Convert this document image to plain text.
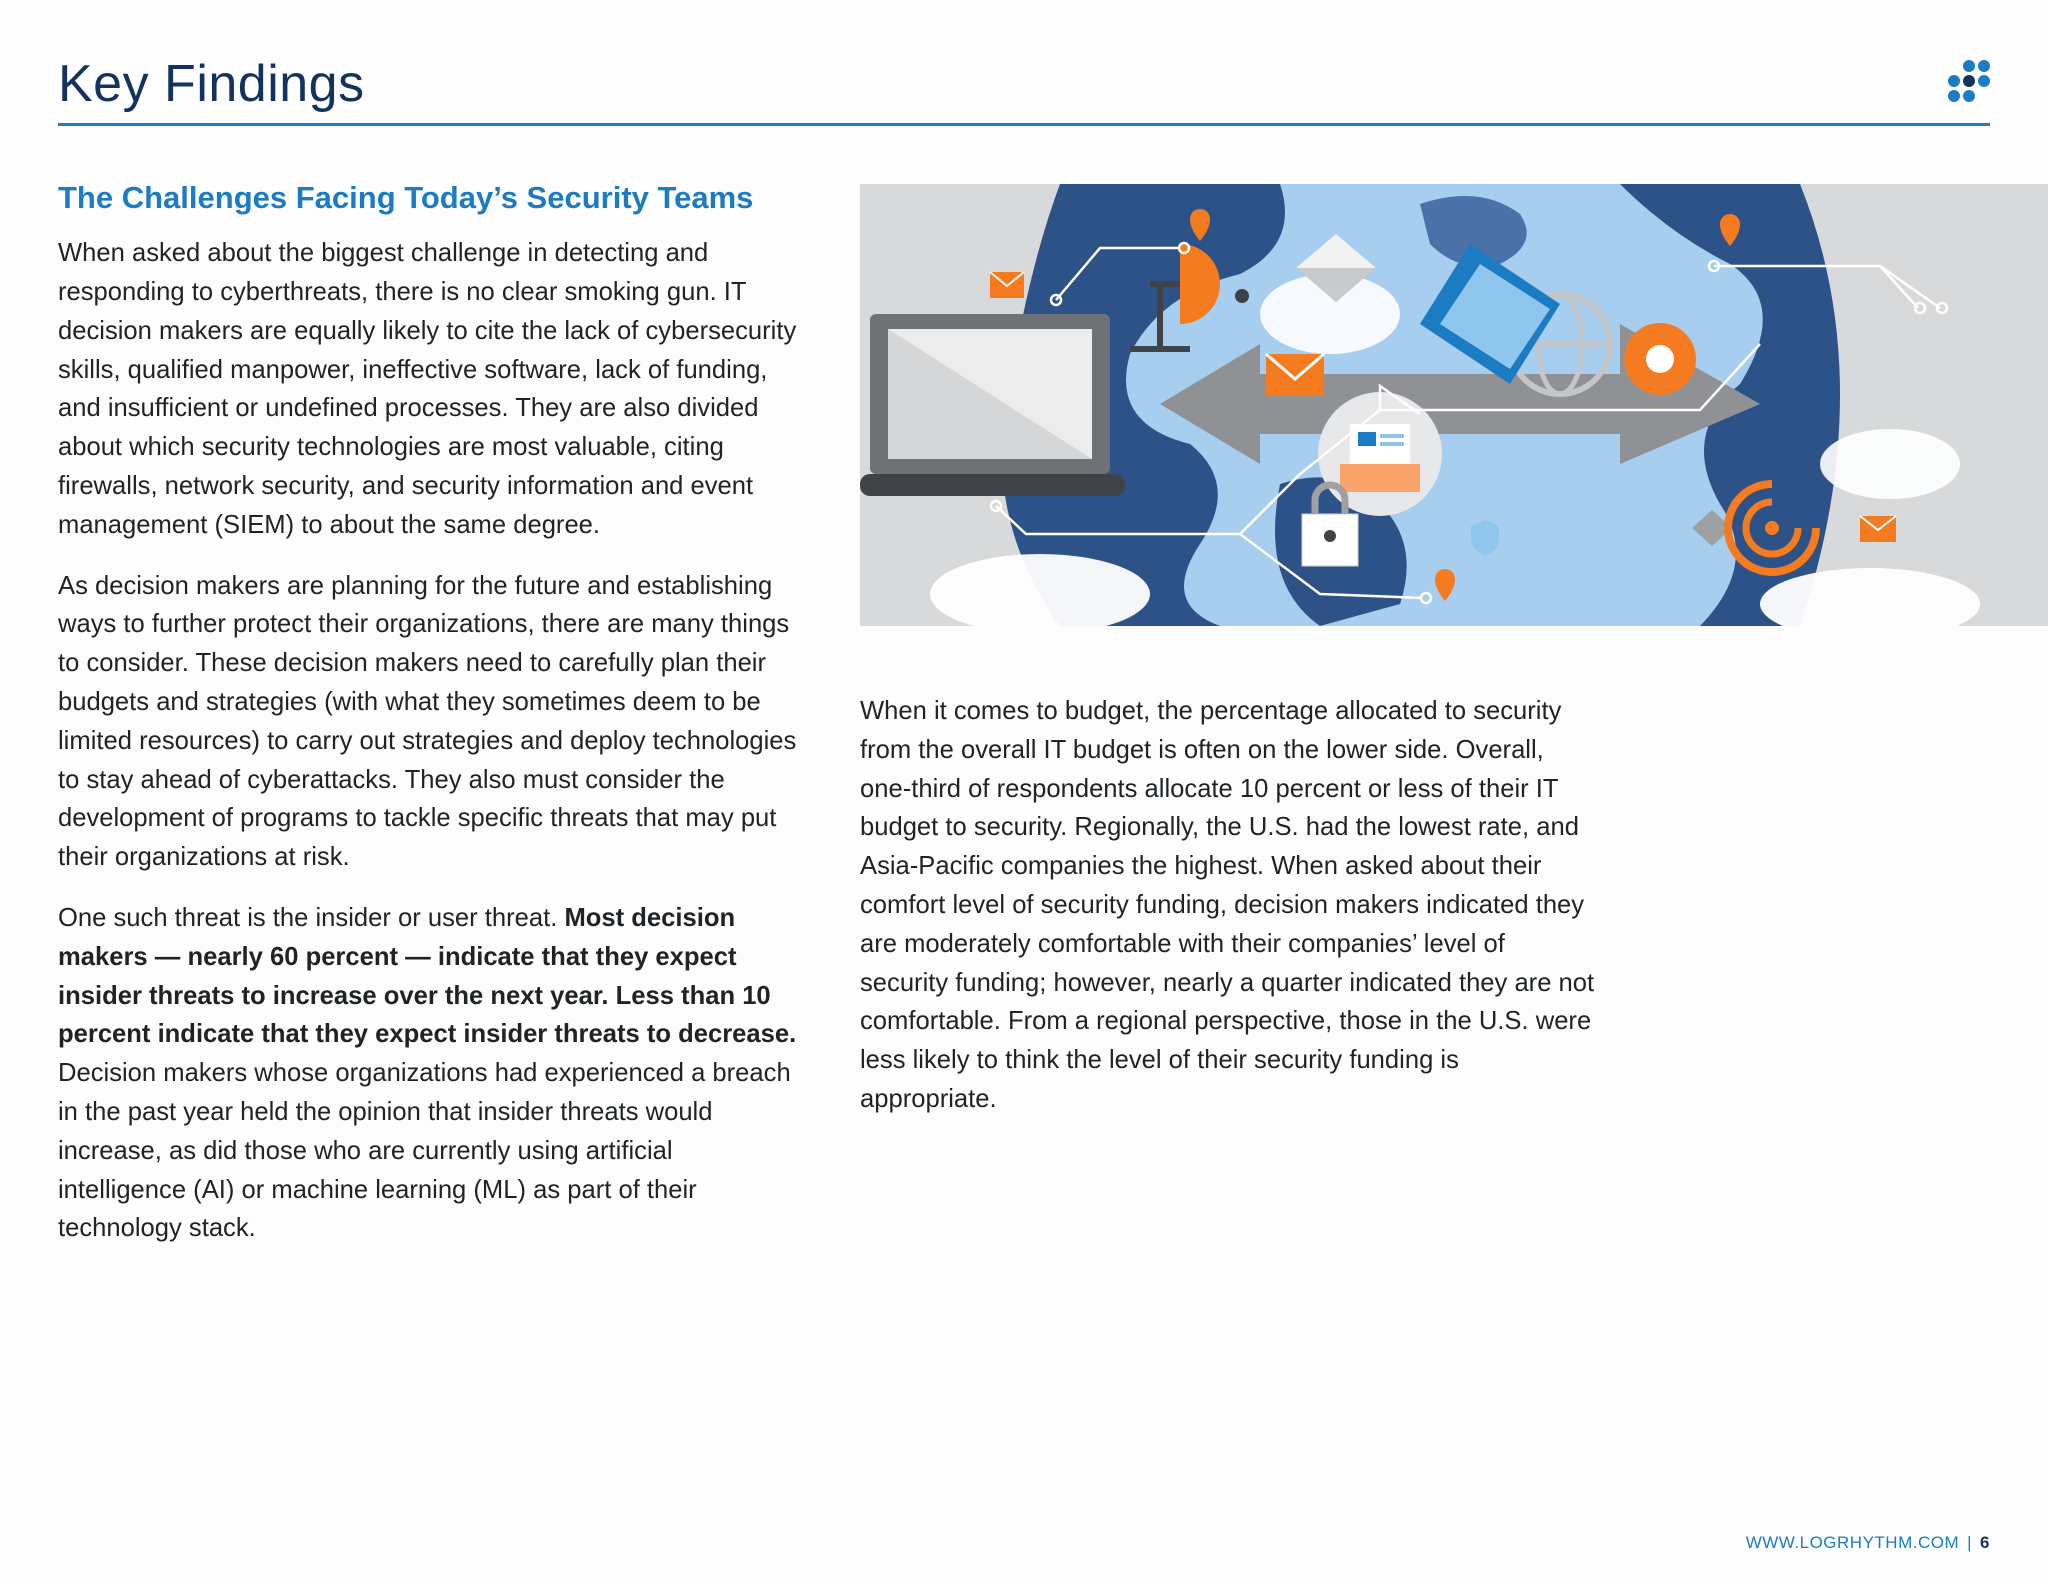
Key Findings
The Challenges Facing Today’s Security Teams

When asked about the biggest challenge in detecting and responding to cyberthreats, there is no clear smoking gun. IT decision makers are equally likely to cite the lack of cybersecurity skills, qualified manpower, ineffective software, lack of funding, and insufficient or undefined processes. They are also divided about which security technologies are most valuable, citing firewalls, network security, and security information and event management (SIEM) to about the same degree.

As decision makers are planning for the future and establishing ways to further protect their organizations, there are many things to consider. These decision makers need to carefully plan their budgets and strategies (with what they sometimes deem to be limited resources) to carry out strategies and deploy technologies to stay ahead of cyberattacks. They also must consider the development of programs to tackle specific threats that may put their organizations at risk.

One such threat is the insider or user threat. Most decision makers — nearly 60 percent — indicate that they expect insider threats to increase over the next year. Less than 10 percent indicate that they expect insider threats to decrease. Decision makers whose organizations had experienced a breach in the past year held the opinion that insider threats would increase, as did those who are currently using artificial intelligence (AI) or machine learning (ML) as part of their technology stack.

When it comes to budget, the percentage allocated to security from the overall IT budget is often on the lower side. Overall, one-third of respondents allocate 10 percent or less of their IT budget to security. Regionally, the U.S. had the lowest rate, and Asia-Pacific companies the highest. When asked about their comfort level of security funding, decision makers indicated they are moderately comfortable with their companies’ level of security funding; however, nearly a quarter indicated they are not comfortable. From a regional perspective, those in the U.S. were less likely to think the level of their security funding is appropriate.

WWW.LOGRHYTHM.COM | 6
